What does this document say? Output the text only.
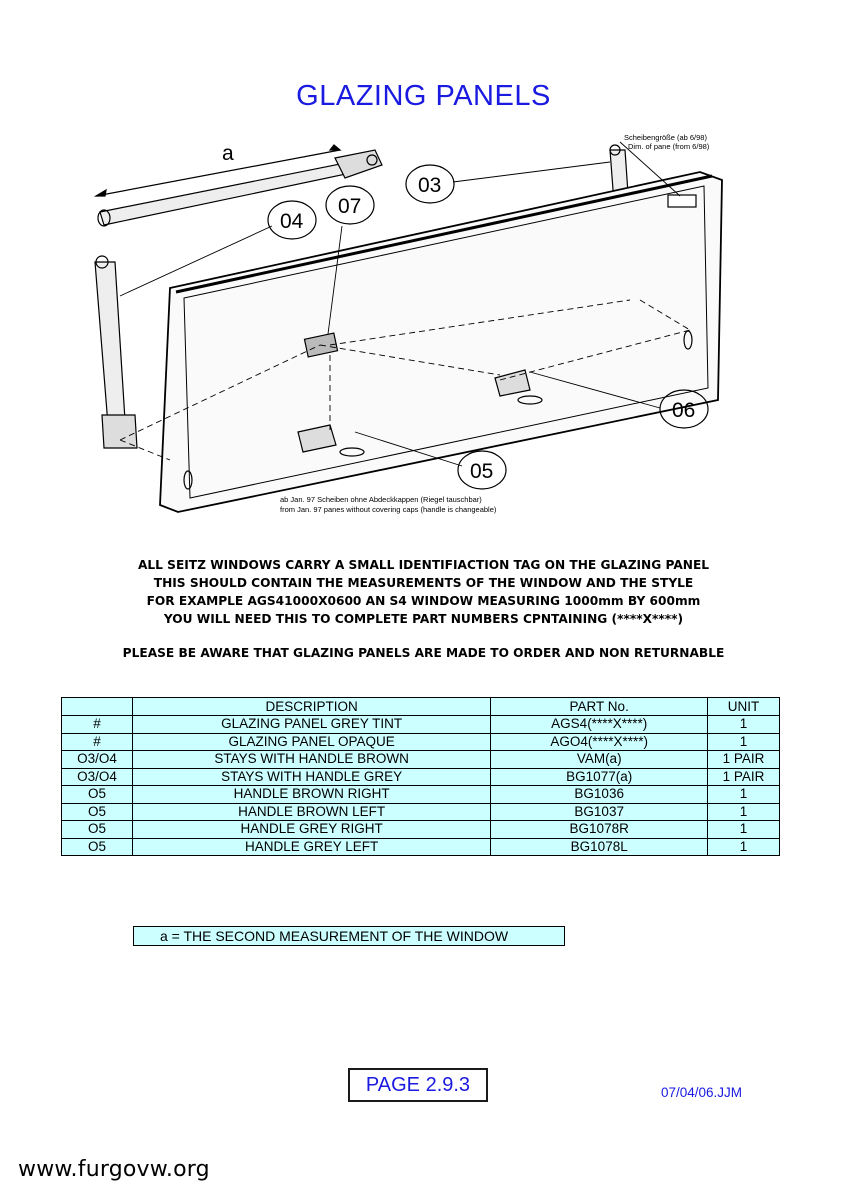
GLAZING PANELS
a
03
04
07
06
05
Scheibengröße (ab 6/98)
Dim. of pane (from 6/98)
ab Jan. 97 Scheiben ohne Abdeckkappen (Riegel tauschbar)
from Jan. 97 panes without covering caps (handle is changeable)
ALL SEITZ WINDOWS CARRY A SMALL IDENTIFIACTION TAG ON THE GLAZING PANEL
THIS SHOULD CONTAIN THE MEASUREMENTS OF THE WINDOW AND THE STYLE
FOR EXAMPLE AGS41000X0600 AN S4 WINDOW MEASURING 1000mm BY 600mm
YOU WILL NEED THIS TO COMPLETE PART NUMBERS CPNTAINING (****X****)
PLEASE BE AWARE THAT GLAZING PANELS ARE MADE TO ORDER AND NON RETURNABLE
	DESCRIPTION	PART No.	UNIT
#	GLAZING PANEL GREY TINT	AGS4(****X****)	1
#	GLAZING PANEL OPAQUE	AGO4(****X****)	1
O3/O4	STAYS WITH HANDLE BROWN	VAM(a)	1 PAIR
O3/O4	STAYS WITH HANDLE GREY	BG1077(a)	1 PAIR
O5	HANDLE BROWN RIGHT	BG1036	1
O5	HANDLE BROWN LEFT	BG1037	1
O5	HANDLE GREY RIGHT	BG1078R	1
O5	HANDLE GREY LEFT	BG1078L	1
a = THE SECOND MEASUREMENT OF THE WINDOW
PAGE 2.9.3	07/04/06.JJM
www.furgovw.org
